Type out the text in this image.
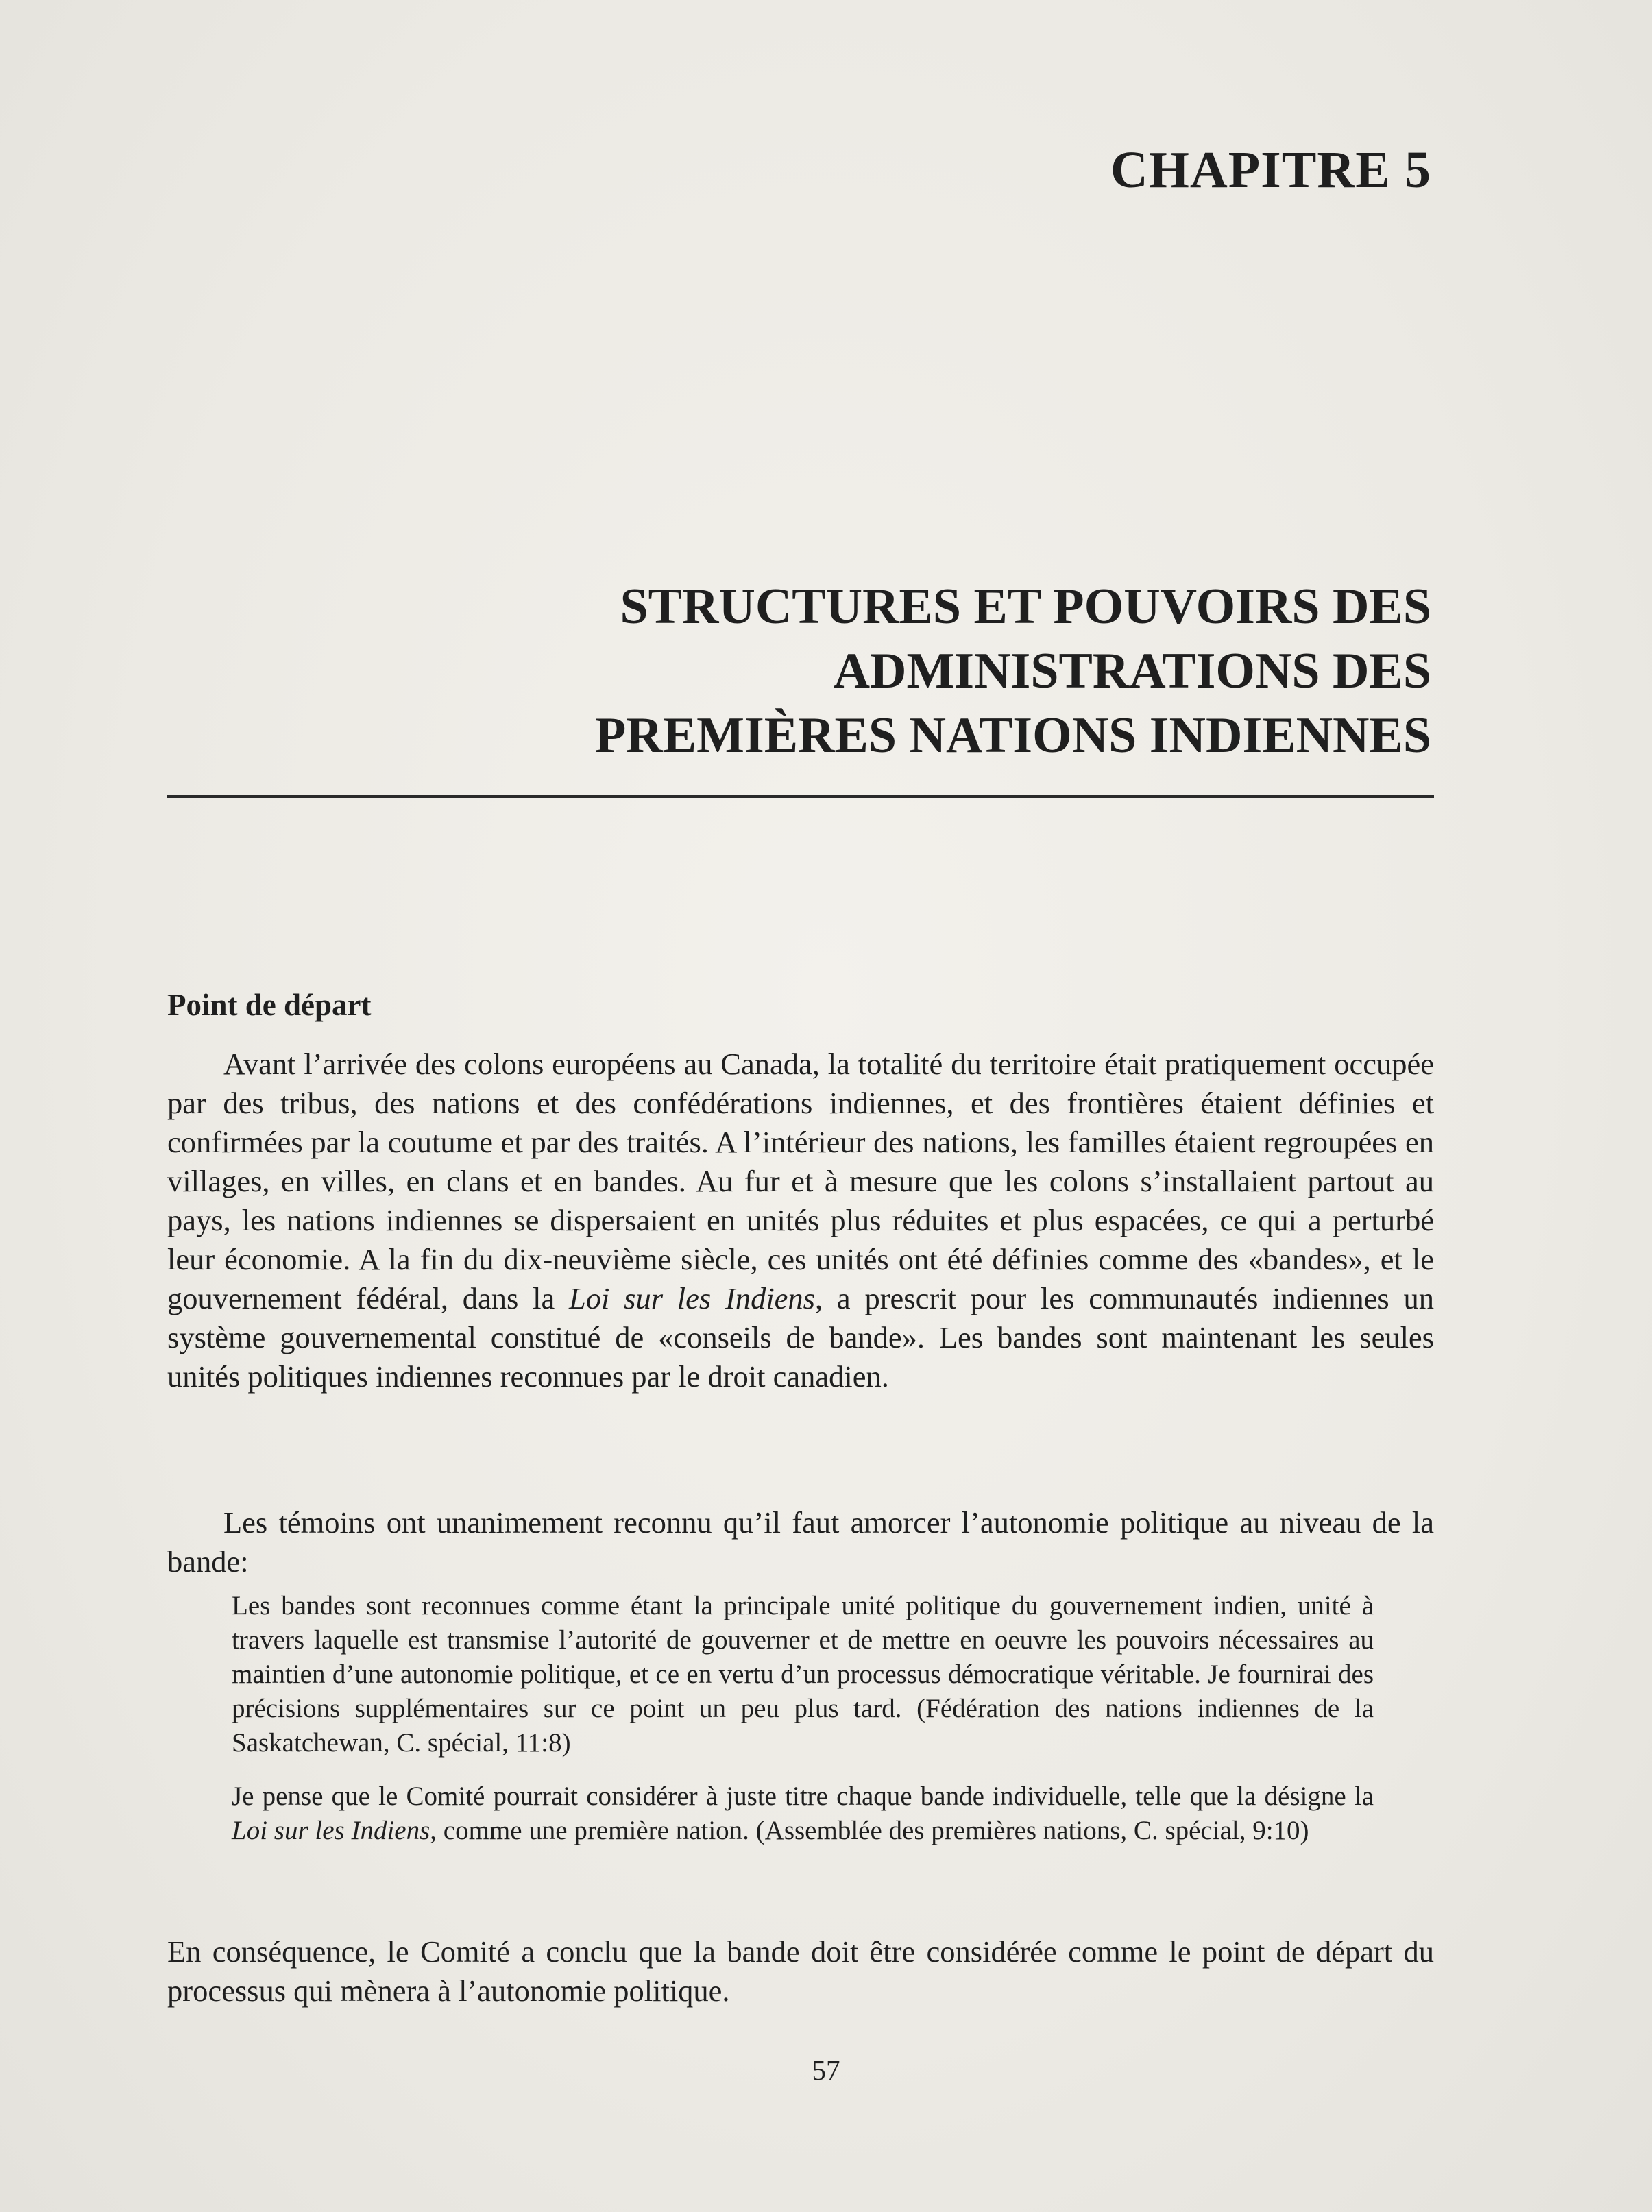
CHAPITRE 5
STRUCTURES ET POUVOIRS DES
ADMINISTRATIONS DES
PREMIÈRES NATIONS INDIENNES
Point de départ
Avant l’arrivée des colons européens au Canada, la totalité du territoire était pratiquement occupée par des tribus, des nations et des confédérations indiennes, et des frontières étaient définies et confirmées par la coutume et par des traités. A l’intérieur des nations, les familles étaient regroupées en villages, en villes, en clans et en bandes. Au fur et à mesure que les colons s’installaient partout au pays, les nations indiennes se dispersaient en unités plus réduites et plus espacées, ce qui a perturbé leur économie. A la fin du dix-neuvième siècle, ces unités ont été définies comme des «bandes», et le gouvernement fédéral, dans la Loi sur les Indiens, a prescrit pour les communautés indiennes un système gouvernemental constitué de «conseils de bande». Les bandes sont maintenant les seules unités politiques indiennes reconnues par le droit canadien.
Les témoins ont unanimement reconnu qu’il faut amorcer l’autonomie politique au niveau de la bande:
Les bandes sont reconnues comme étant la principale unité politique du gouvernement indien, unité à travers laquelle est transmise l’autorité de gouverner et de mettre en oeuvre les pouvoirs nécessaires au maintien d’une autonomie politique, et ce en vertu d’un processus démocratique véritable. Je fournirai des précisions supplémentaires sur ce point un peu plus tard. (Fédération des nations indiennes de la Saskatchewan, C. spécial, 11:8)
Je pense que le Comité pourrait considérer à juste titre chaque bande individuelle, telle que la désigne la Loi sur les Indiens, comme une première nation. (Assemblée des premières nations, C. spécial, 9:10)
En conséquence, le Comité a conclu que la bande doit être considérée comme le point de départ du processus qui mènera à l’autonomie politique.
57
